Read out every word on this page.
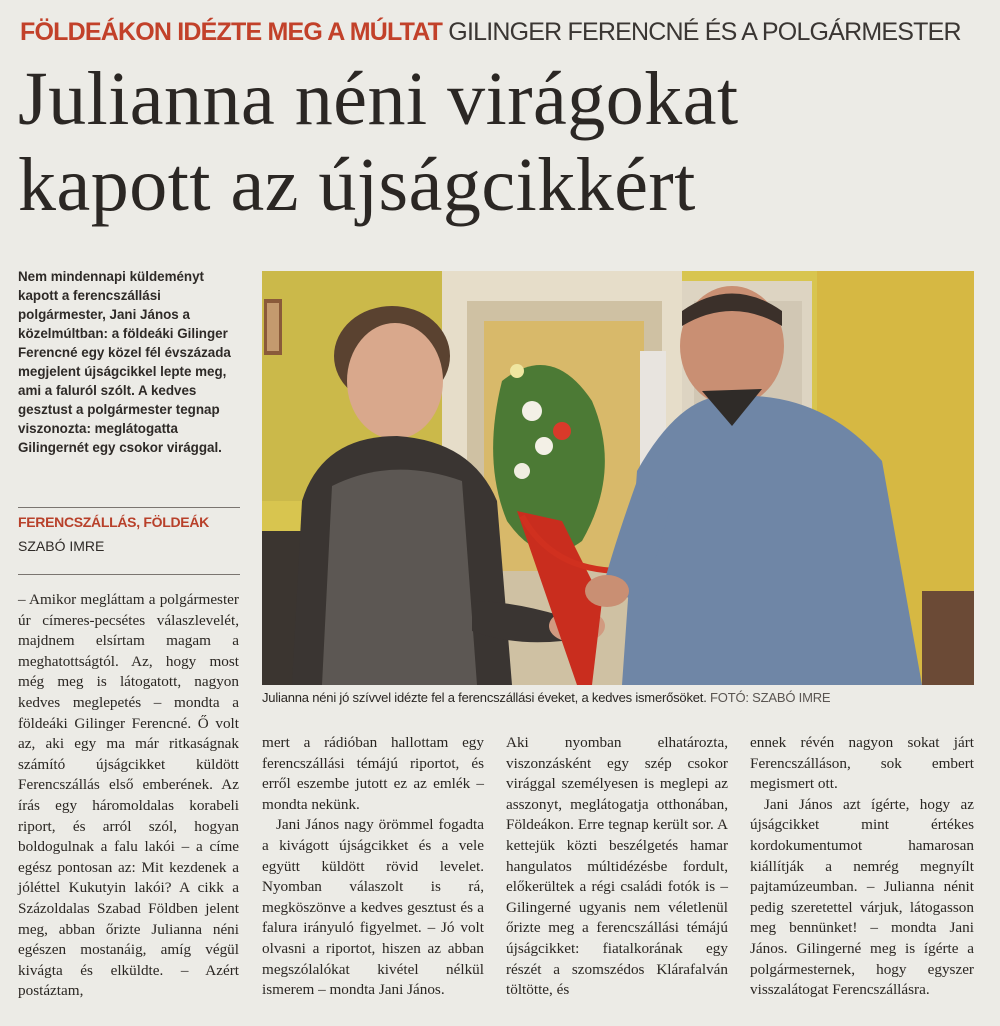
FÖLDEÁKON IDÉZTE MEG A MÚLTAT GILINGER FERENCNÉ ÉS A POLGÁRMESTER
Julianna néni virágokat
kapott az újságcikkért
Nem mindennapi küldeményt kapott a ferencszállási polgármester, Jani János a közelmúltban: a földeáki Gilinger Ferencné egy közel fél évszázada megjelent újságcikkel lepte meg, ami a faluról szólt. A kedves gesztust a polgármester tegnap viszonozta: meglátogatta Gilingernét egy csokor virággal.
FERENCSZÁLLÁS, FÖLDEÁK
SZABÓ IMRE
Julianna néni jó szívvel idézte fel a ferencszállási éveket, a kedves ismerősöket. FOTÓ: SZABÓ IMRE

– Amikor megláttam a polgármester úr címeres-pecsétes válaszlevelét, majdnem elsírtam magam a meghatottságtól. Az, hogy most még meg is látogatott, nagyon kedves meglepetés – mondta a földeáki Gilinger Ferencné. Ő volt az, aki egy ma már ritkaságnak számító újságcikket küldött Ferencszállás első emberének. Az írás egy háromoldalas korabeli riport, és arról szól, hogyan boldogulnak a falu lakói – a címe egész pontosan az: Mit kezdenek a jóléttel Kukutyin lakói? A cikk a Százoldalas Szabad Földben jelent meg, abban őrizte Julianna néni egészen mostanáig, amíg végül kivágta és elküldte. – Azért postáztam,

mert a rádióban hallottam egy ferencszállási témájú riportot, és erről eszembe jutott ez az emlék – mondta nekünk.

Jani János nagy örömmel fogadta a kivágott újságcikket és a vele együtt küldött rövid levelet. Nyomban válaszolt is rá, megköszönve a kedves gesztust és a falura irányuló figyelmet. – Jó volt olvasni a riportot, hiszen az abban megszólalókat kivétel nélkül ismerem – mondta Jani János.

Aki nyomban elhatározta, viszonzásként egy szép csokor virággal személyesen is meglepi az asszonyt, meglátogatja otthonában, Földeákon. Erre tegnap került sor. A kettejük közti beszélgetés hamar hangulatos múltidézésbe fordult, előkerültek a régi családi fotók is – Gilingerné ugyanis nem véletlenül őrizte meg a ferencszállási témájú újságcikket: fiatalkorának egy részét a szomszédos Klárafalván töltötte, és

ennek révén nagyon sokat járt Ferencszálláson, sok embert megismert ott.

Jani János azt ígérte, hogy az újságcikket mint értékes kordokumentumot hamarosan kiállítják a nemrég megnyílt pajtamúzeumban. – Julianna nénit pedig szeretettel várjuk, látogasson meg bennünket! – mondta Jani János. Gilingerné meg is ígérte a polgármesternek, hogy egyszer visszalátogat Ferencszállásra.
